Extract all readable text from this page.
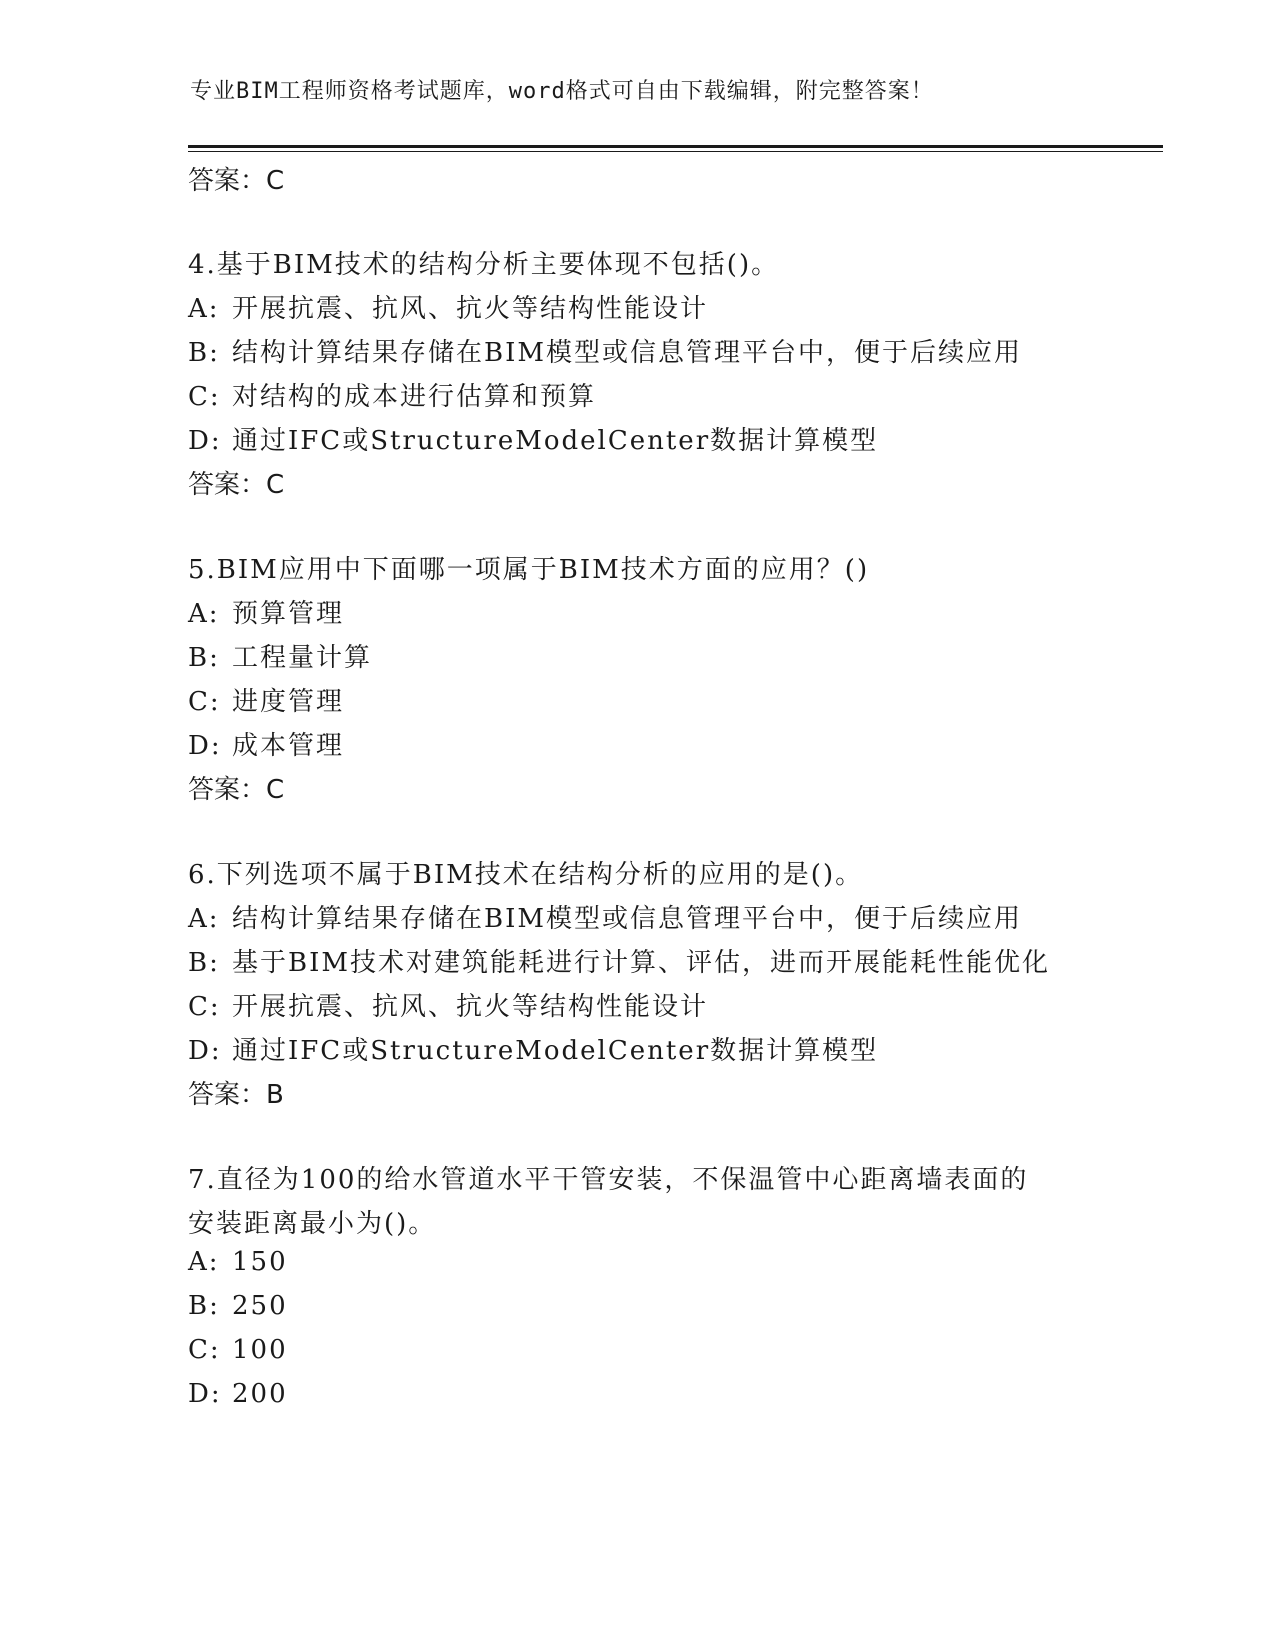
专业BIM工程师资格考试题库，word格式可自由下载编辑，附完整答案！
答案：C
4.基于BIM技术的结构分析主要体现不包括()。
A: 开展抗震、抗风、抗火等结构性能设计
B: 结构计算结果存储在BIM模型或信息管理平台中，便于后续应用
C: 对结构的成本进行估算和预算
D: 通过IFC或StructureModelCenter数据计算模型
答案：C
5.BIM应用中下面哪一项属于BIM技术方面的应用？()
A: 预算管理
B: 工程量计算
C: 进度管理
D: 成本管理
答案：C
6.下列选项不属于BIM技术在结构分析的应用的是()。
A: 结构计算结果存储在BIM模型或信息管理平台中，便于后续应用
B: 基于BIM技术对建筑能耗进行计算、评估，进而开展能耗性能优化
C: 开展抗震、抗风、抗火等结构性能设计
D: 通过IFC或StructureModelCenter数据计算模型
答案：B
7.直径为100的给水管道水平干管安装，不保温管中心距离墙表面的
安装距离最小为()。
A: 150
B: 250
C: 100
D: 200
